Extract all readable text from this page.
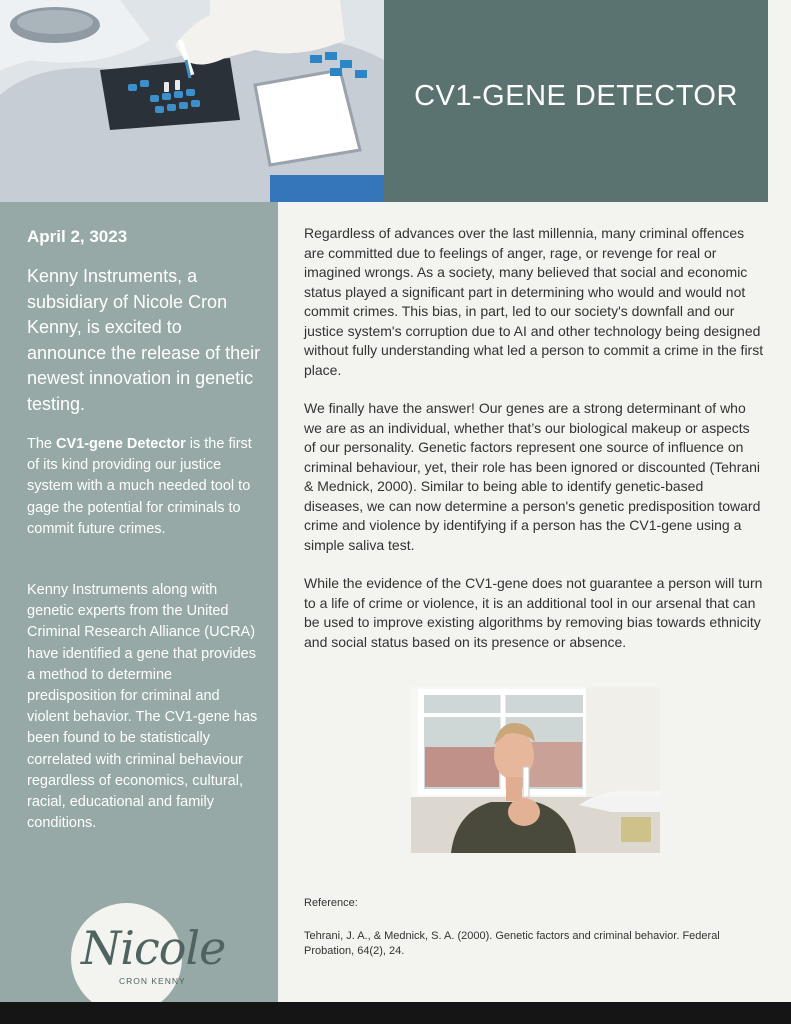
CV1-GENE DETECTOR
April 2, 3023
Kenny Instruments, a subsidiary of Nicole Cron Kenny, is excited to announce the release of their newest innovation in genetic testing.
The CV1-gene Detector is the first of its kind providing our justice system with a much needed tool to gage the potential for criminals to commit future crimes.
Kenny Instruments along with genetic experts from the United Criminal Research Alliance (UCRA) have identified a gene that provides a method to determine predisposition for criminal and violent behavior. The CV1-gene has been found to be statistically correlated with criminal behaviour regardless of economics, cultural, racial, educational and family conditions.
Nicole
CRON KENNY
Regardless of advances over the last millennia, many criminal offences are committed due to feelings of anger, rage, or revenge for real or imagined wrongs. As a society, many believed that social and economic status played a significant part in determining who would and would not commit crimes. This bias, in part, led to our society's downfall and our justice system's corruption due to AI and other technology being designed without fully understanding what led a person to commit a crime in the first place.
We finally have the answer! Our genes are a strong determinant of who we are as an individual, whether that’s our biological makeup or aspects of our personality. Genetic factors represent one source of influence on criminal behaviour, yet, their role has been ignored or discounted (Tehrani & Mednick, 2000). Similar to being able to identify genetic-based diseases, we can now determine a person's genetic predisposition toward crime and violence by identifying if a person has the CV1-gene using a simple saliva test.
While the evidence of the CV1-gene does not guarantee a person will turn to a life of crime or violence, it is an additional tool in our arsenal that can be used to improve existing algorithms by removing bias towards ethnicity and social status based on its presence or absence.
Reference:
Tehrani, J. A., & Mednick, S. A. (2000). Genetic factors and criminal behavior. Federal Probation, 64(2), 24.
